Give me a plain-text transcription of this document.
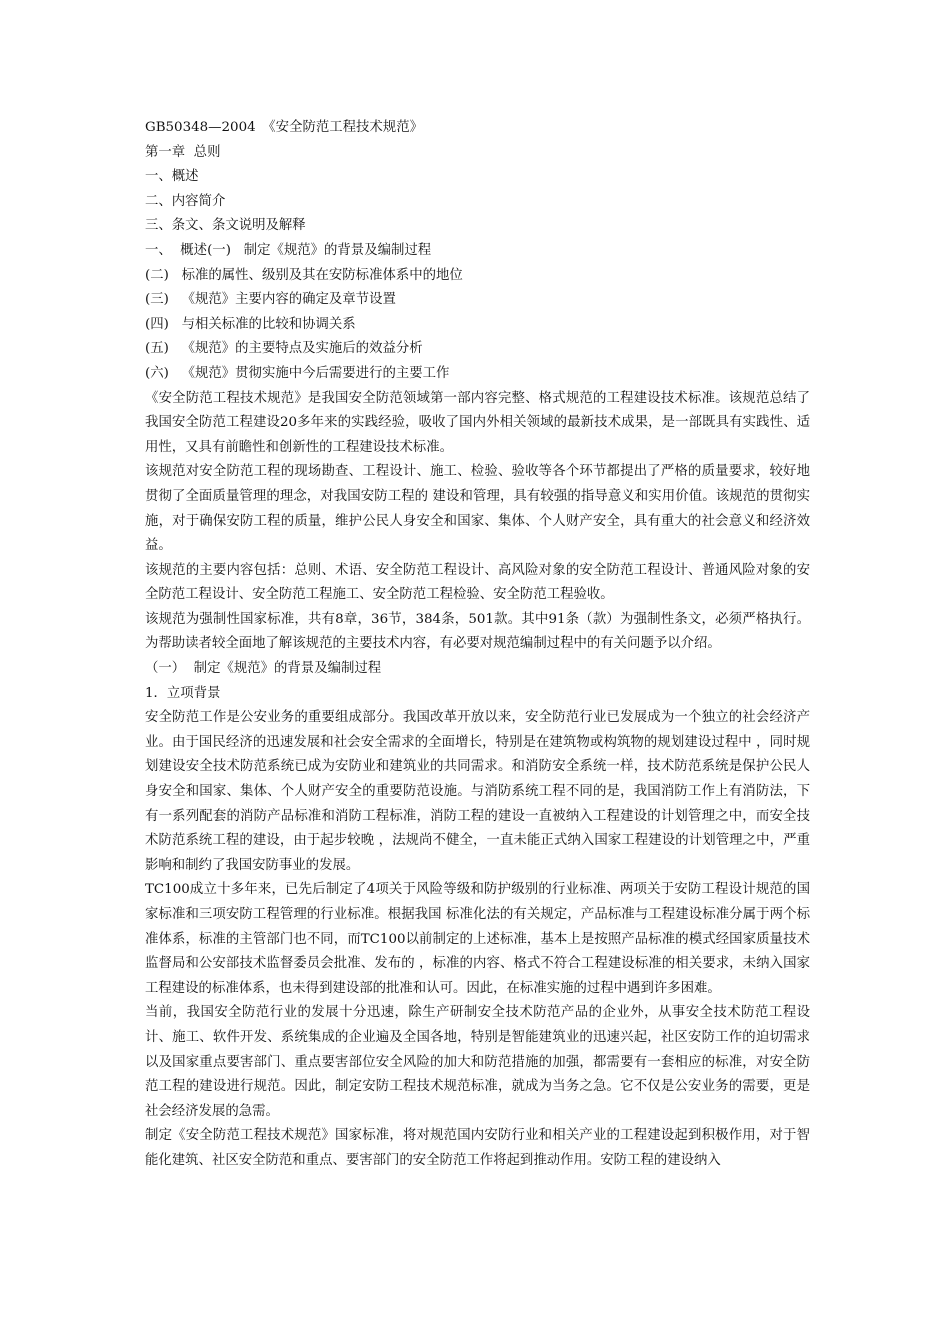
GB50348—2004　《安全防范工程技术规范》
第一章  总则
一、概述
二、内容简介
三、条文、条文说明及解释
一、  概述(一)   制定《规范》的背景及编制过程
(二)   标准的属性、级别及其在安防标准体系中的地位
(三)   《规范》主要内容的确定及章节设置
(四)   与相关标准的比较和协调关系
(五)   《规范》的主要特点及实施后的效益分析
(六)   《规范》贯彻实施中今后需要进行的主要工作

《安全防范工程技术规范》是我国安全防范领域第一部内容完整、格式规范的工程建设技术标准。该规范总结了我国安全防范工程建设20多年来的实践经验，吸收了国内外相关领域的最新技术成果，是一部既具有实践性、适用性，又具有前瞻性和创新性的工程建设技术标准。

该规范对安全防范工程的现场勘查、工程设计、施工、检验、验收等各个环节都提出了严格的质量要求，较好地贯彻了全面质量管理的理念，对我国安防工程的 建设和管理，具有较强的指导意义和实用价值。该规范的贯彻实施，对于确保安防工程的质量，维护公民人身安全和国家、集体、个人财产安全，具有重大的社会意义和经济效益。

该规范的主要内容包括：总则、术语、安全防范工程设计、高风险对象的安全防范工程设计、普通风险对象的安全防范工程设计、安全防范工程施工、安全防范工程检验、安全防范工程验收。

该规范为强制性国家标准，共有8章，36节，384条，501款。其中91条（款）为强制性条文，必须严格执行。为帮助读者较全面地了解该规范的主要技术内容，有必要对规范编制过程中的有关问题予以介绍。

（一）  制定《规范》的背景及编制过程
1．立项背景

安全防范工作是公安业务的重要组成部分。我国改革开放以来，安全防范行业已发展成为一个独立的社会经济产业。由于国民经济的迅速发展和社会安全需求的全面增长，特别是在建筑物或构筑物的规划建设过程中 ，同时规划建设安全技术防范系统已成为安防业和建筑业的共同需求。和消防安全系统一样，技术防范系统是保护公民人身安全和国家、集体、个人财产安全的重要防范设施。与消防系统工程不同的是，我国消防工作上有消防法，下有一系列配套的消防产品标准和消防工程标准，消防工程的建设一直被纳入工程建设的计划管理之中，而安全技术防范系统工程的建设，由于起步较晚 ，法规尚不健全，一直未能正式纳入国家工程建设的计划管理之中，严重影响和制约了我国安防事业的发展。

TC100成立十多年来，已先后制定了4项关于风险等级和防护级别的行业标准、两项关于安防工程设计规范的国家标准和三项安防工程管理的行业标准。根据我国 标准化法的有关规定，产品标准与工程建设标准分属于两个标准体系，标准的主管部门也不同，而TC100以前制定的上述标准，基本上是按照产品标准的模式经国家质量技术监督局和公安部技术监督委员会批准、发布的 ，标准的内容、格式不符合工程建设标准的相关要求，未纳入国家工程建设的标准体系，也未得到建设部的批准和认可。因此，在标准实施的过程中遇到许多困难。

当前，我国安全防范行业的发展十分迅速，除生产研制安全技术防范产品的企业外，从事安全技术防范工程设计、施工、软件开发、系统集成的企业遍及全国各地，特别是智能建筑业的迅速兴起，社区安防工作的迫切需求以及国家重点要害部门、重点要害部位安全风险的加大和防范措施的加强，都需要有一套相应的标准，对安全防范工程的建设进行规范。因此，制定安防工程技术规范标准，就成为当务之急。它不仅是公安业务的需要，更是社会经济发展的急需。

制定《安全防范工程技术规范》国家标准，将对规范国内安防行业和相关产业的工程建设起到积极作用，对于智能化建筑、社区安全防范和重点、要害部门的安全防范工作将起到推动作用。安防工程的建设纳入
